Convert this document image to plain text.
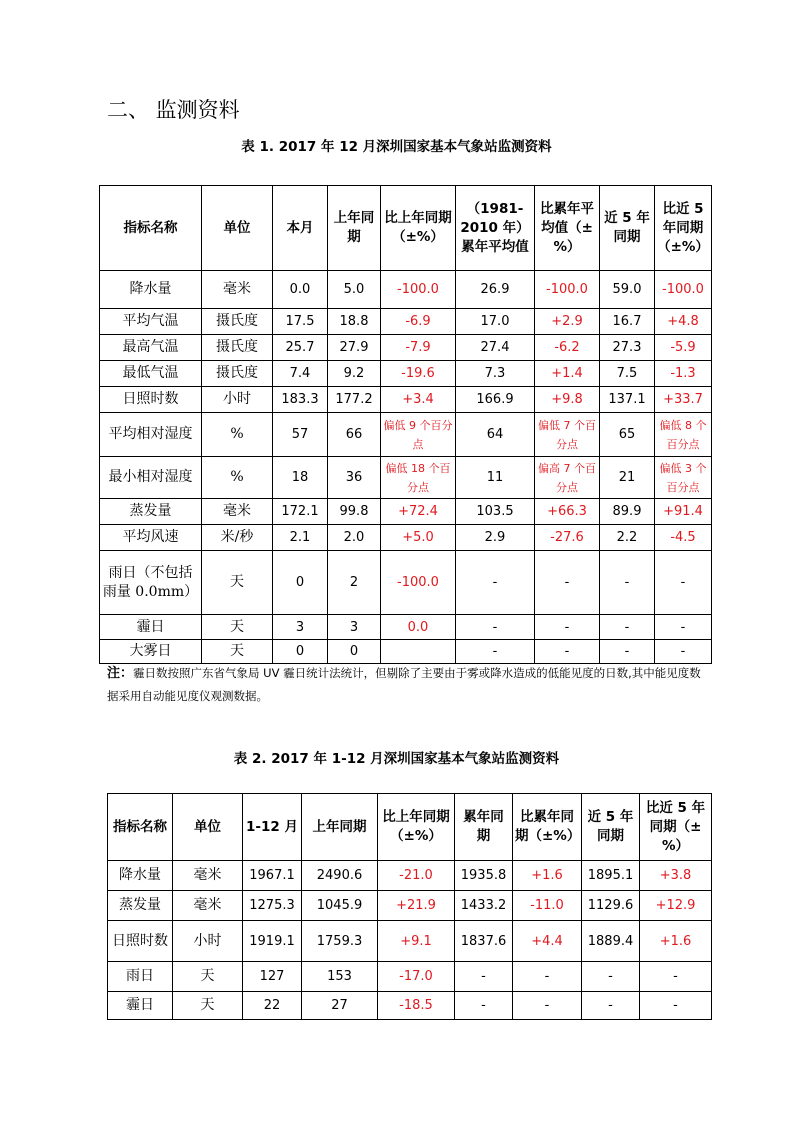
二、 监测资料
表 1. 2017 年 12 月深圳国家基本气象站监测资料
指标名称	单位	本月	上年同期	比上年同期（±%）	（1981-2010 年）累年平均值	比累年平均值（±%）	近 5 年同期	比近 5 年同期（±%）
降水量	毫米	0.0	5.0	-100.0	26.9	-100.0	59.0	-100.0
平均气温	摄氏度	17.5	18.8	-6.9	17.0	+2.9	16.7	+4.8
最高气温	摄氏度	25.7	27.9	-7.9	27.4	-6.2	27.3	-5.9
最低气温	摄氏度	7.4	9.2	-19.6	7.3	+1.4	7.5	-1.3
日照时数	小时	183.3	177.2	+3.4	166.9	+9.8	137.1	+33.7
平均相对湿度	%	57	66	偏低 9 个百分点	64	偏低 7 个百分点	65	偏低 8 个百分点
最小相对湿度	%	18	36	偏低 18 个百分点	11	偏高 7 个百分点	21	偏低 3 个百分点
蒸发量	毫米	172.1	99.8	+72.4	103.5	+66.3	89.9	+91.4
平均风速	米/秒	2.1	2.0	+5.0	2.9	-27.6	2.2	-4.5
雨日（不包括雨量 0.0mm）	天	0	2	-100.0	-	-	-	-
霾日	天	3	3	0.0	-	-	-	-
大雾日	天	0	0		-	-	-	-
注：霾日数按照广东省气象局 UV 霾日统计法统计，但剔除了主要由于雾或降水造成的低能见度的日数,其中能见度数据采用自动能见度仪观测数据。
表 2. 2017 年 1-12 月深圳国家基本气象站监测资料
指标名称	单位	1-12 月	上年同期	比上年同期（±%）	累年同期	比累年同期（±%）	近 5 年同期	比近 5 年同期（±%）
降水量	毫米	1967.1	2490.6	-21.0	1935.8	+1.6	1895.1	+3.8
蒸发量	毫米	1275.3	1045.9	+21.9	1433.2	-11.0	1129.6	+12.9
日照时数	小时	1919.1	1759.3	+9.1	1837.6	+4.4	1889.4	+1.6
雨日	天	127	153	-17.0	-	-	-	-
霾日	天	22	27	-18.5	-	-	-	-
